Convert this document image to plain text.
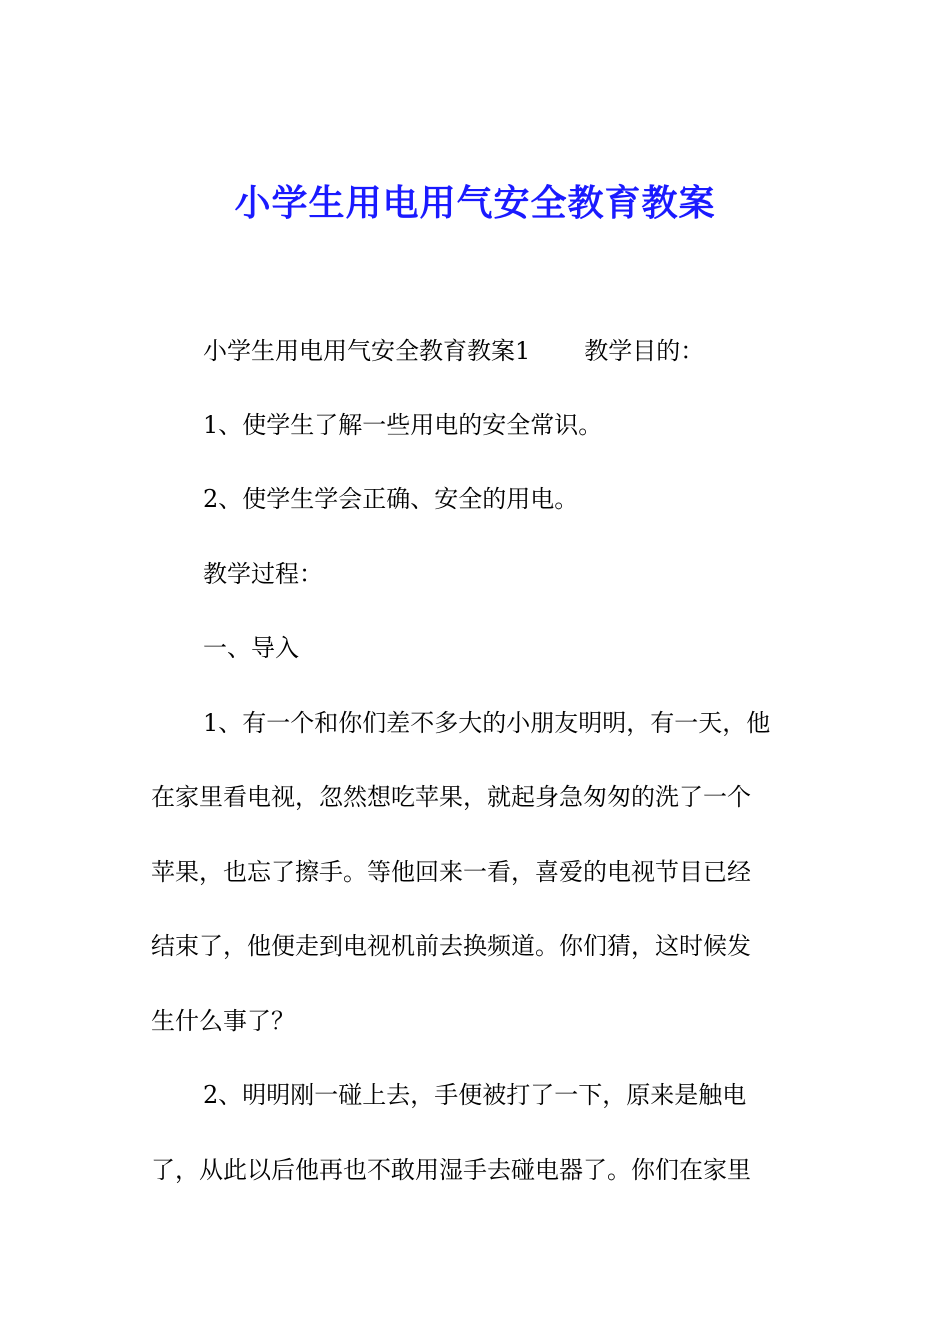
小学生用电用气安全教育教案
小学生用电用气安全教育教案1 教学目的：
1、使学生了解一些用电的安全常识。
2、使学生学会正确、安全的用电。
教学过程：
一、导入
1、有一个和你们差不多大的小朋友明明，有一天，他
在家里看电视，忽然想吃苹果，就起身急匆匆的洗了一个
苹果，也忘了擦手。等他回来一看，喜爱的电视节目已经
结束了，他便走到电视机前去换频道。你们猜，这时候发
生什么事了？
2、明明刚一碰上去，手便被打了一下，原来是触电
了，从此以后他再也不敢用湿手去碰电器了。你们在家里
